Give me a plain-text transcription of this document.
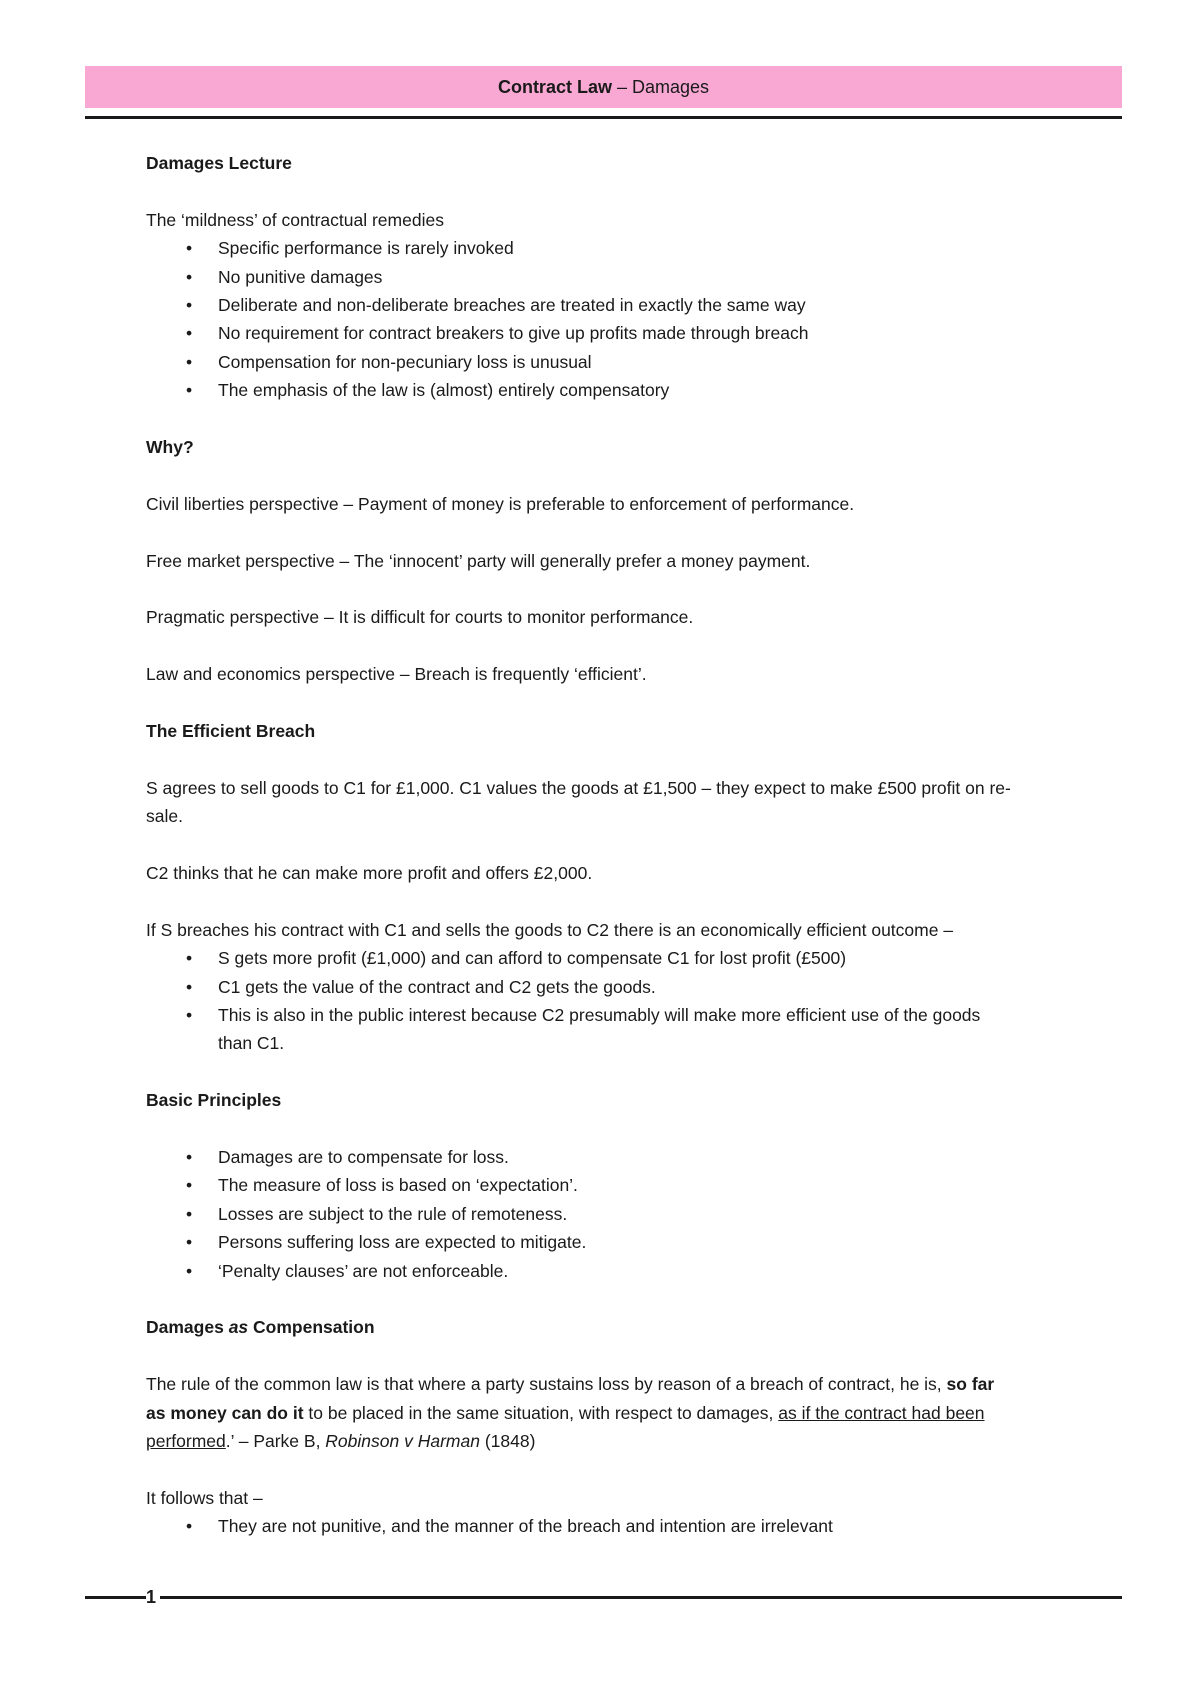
Contract Law – Damages

Damages Lecture

The ‘mildness’ of contractual remedies

• Specific performance is rarely invoked
• No punitive damages
• Deliberate and non-deliberate breaches are treated in exactly the same way
• No requirement for contract breakers to give up profits made through breach
• Compensation for non-pecuniary loss is unusual
• The emphasis of the law is (almost) entirely compensatory

Why?

Civil liberties perspective – Payment of money is preferable to enforcement of performance.

Free market perspective – The ‘innocent’ party will generally prefer a money payment.

Pragmatic perspective – It is difficult for courts to monitor performance.

Law and economics perspective – Breach is frequently ‘efficient’.

The Efficient Breach

S agrees to sell goods to C1 for £1,000. C1 values the goods at £1,500 – they expect to make £500 profit on re-

sale.

C2 thinks that he can make more profit and offers £2,000.

If S breaches his contract with C1 and sells the goods to C2 there is an economically efficient outcome –

• S gets more profit (£1,000) and can afford to compensate C1 for lost profit (£500)
• C1 gets the value of the contract and C2 gets the goods.
• This is also in the public interest because C2 presumably will make more efficient use of the goods
than C1.

Basic Principles

• Damages are to compensate for loss.
• The measure of loss is based on ‘expectation’.
• Losses are subject to the rule of remoteness.
• Persons suffering loss are expected to mitigate.
• ‘Penalty clauses’ are not enforceable.

Damages as Compensation

The rule of the common law is that where a party sustains loss by reason of a breach of contract, he is, so far

as money can do it to be placed in the same situation, with respect to damages, as if the contract had been

performed.’ – Parke B, Robinson v Harman (1848)

It follows that –

• They are not punitive, and the manner of the breach and intention are irrelevant
1
